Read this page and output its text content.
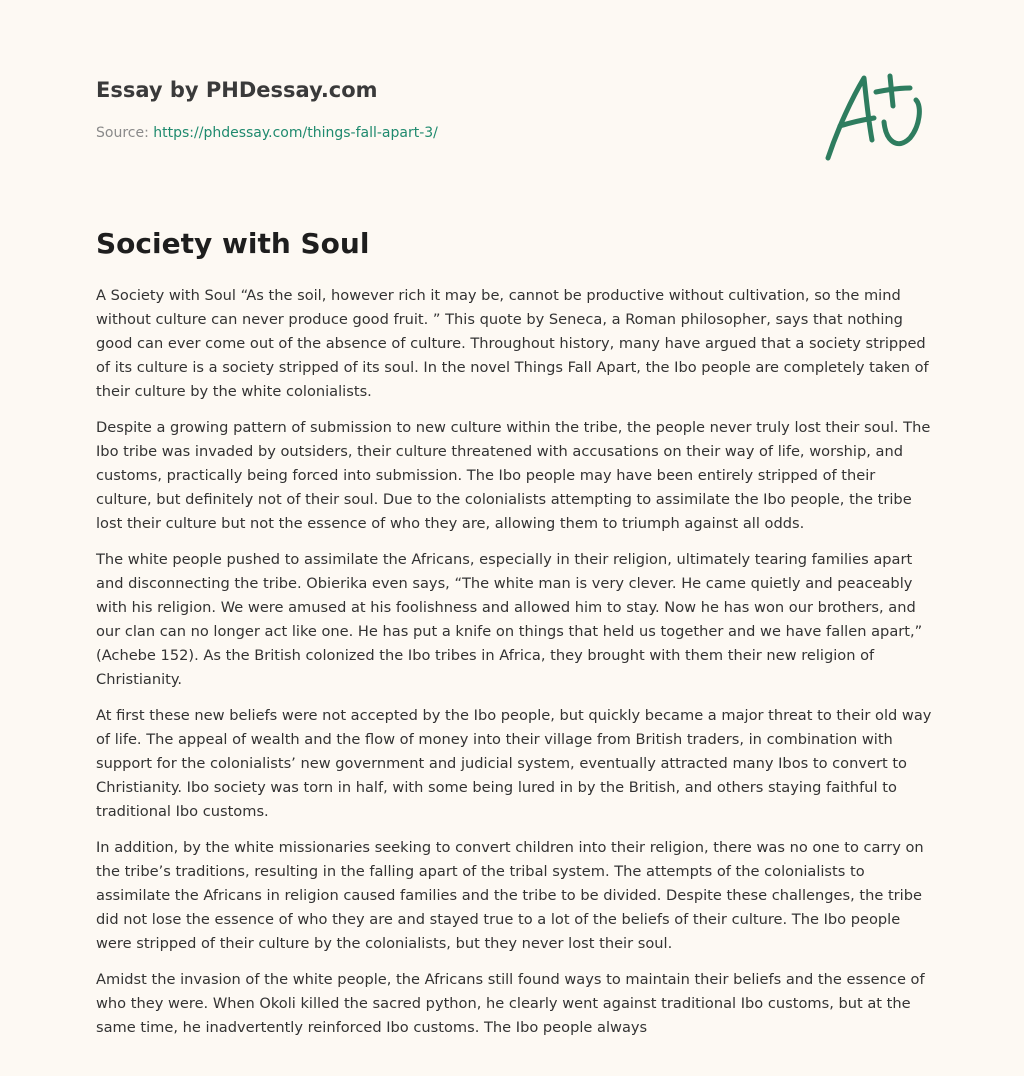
Essay by PHDessay.com
Source: https://phdessay.com/things-fall-apart-3/
Society with Soul

A Society with Soul “As the soil, however rich it may be, cannot be productive without cultivation, so the mind without culture can never produce good fruit. ” This quote by Seneca, a Roman philosopher, says that nothing good can ever come out of the absence of culture. Throughout history, many have argued that a society stripped of its culture is a society stripped of its soul. In the novel Things Fall Apart, the Ibo people are completely taken of their culture by the white colonialists.

Despite a growing pattern of submission to new culture within the tribe, the people never truly lost their soul. The Ibo tribe was invaded by outsiders, their culture threatened with accusations on their way of life, worship, and customs, practically being forced into submission. The Ibo people may have been entirely stripped of their culture, but definitely not of their soul. Due to the colonialists attempting to assimilate the Ibo people, the tribe lost their culture but not the essence of who they are, allowing them to triumph against all odds.

The white people pushed to assimilate the Africans, especially in their religion, ultimately tearing families apart and disconnecting the tribe. Obierika even says, “The white man is very clever. He came quietly and peaceably with his religion. We were amused at his foolishness and allowed him to stay. Now he has won our brothers, and our clan can no longer act like one. He has put a knife on things that held us together and we have fallen apart,” (Achebe 152). As the British colonized the Ibo tribes in Africa, they brought with them their new religion of Christianity.

At first these new beliefs were not accepted by the Ibo people, but quickly became a major threat to their old way of life. The appeal of wealth and the flow of money into their village from British traders, in combination with support for the colonialists’ new government and judicial system, eventually attracted many Ibos to convert to Christianity. Ibo society was torn in half, with some being lured in by the British, and others staying faithful to traditional Ibo customs.

In addition, by the white missionaries seeking to convert children into their religion, there was no one to carry on the tribe’s traditions, resulting in the falling apart of the tribal system. The attempts of the colonialists to assimilate the Africans in religion caused families and the tribe to be divided. Despite these challenges, the tribe did not lose the essence of who they are and stayed true to a lot of the beliefs of their culture. The Ibo people were stripped of their culture by the colonialists, but they never lost their soul.

Amidst the invasion of the white people, the Africans still found ways to maintain their beliefs and the essence of who they were. When Okoli killed the sacred python, he clearly went against traditional Ibo customs, but at the same time, he inadvertently reinforced Ibo customs. The Ibo people always
